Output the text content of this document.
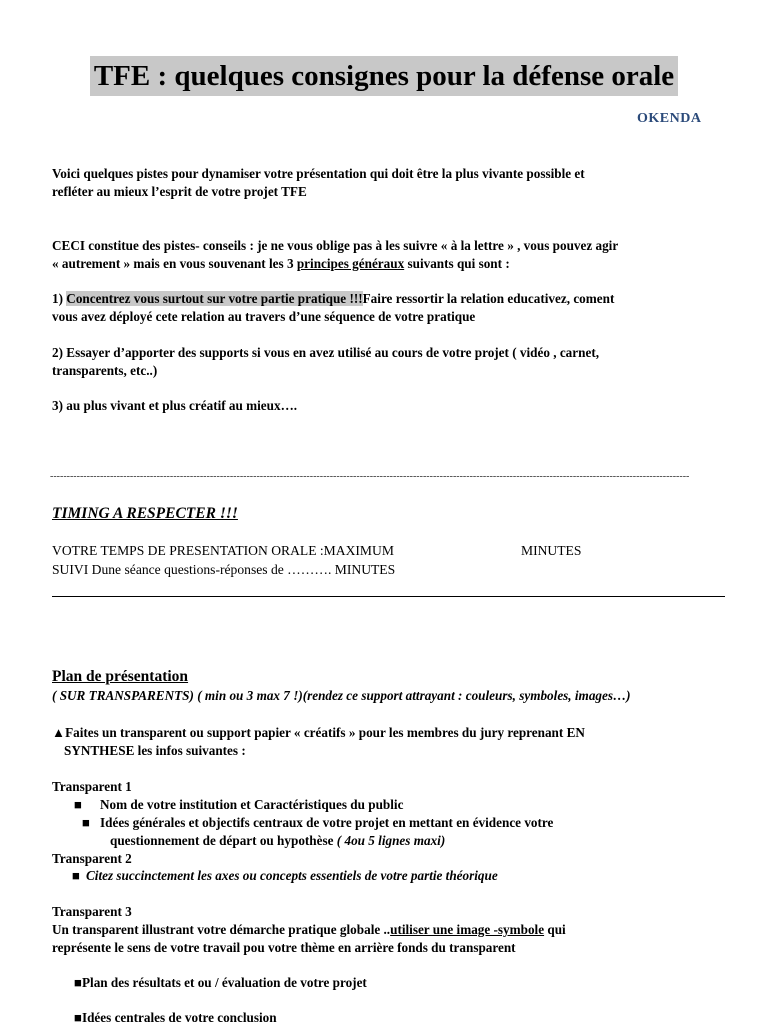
TFE : quelques consignes pour la défense orale
OKENDA
Voici quelques pistes pour dynamiser votre présentation qui doit être la plus vivante possible et
refléter au mieux l’esprit de votre projet TFE
CECI constitue des pistes- conseils : je ne vous oblige pas à les suivre « à la lettre » , vous pouvez agir
« autrement » mais en vous souvenant les 3 principes généraux suivants qui sont :
1) Concentrez vous surtout sur votre partie pratique !!!Faire ressortir la relation educativez, coment
vous avez déployé cete relation au travers d’une séquence de votre pratique
2) Essayer d’apporter des supports si vous en avez utilisé au cours de votre projet ( vidéo , carnet,
transparents, etc..)
3) au plus vivant et plus créatif au mieux….
------------------------------------------------------------------------------------------------------------------------------------------------------------------------------------------------
TIMING A RESPECTER !!!
VOTRE TEMPS DE PRESENTATION ORALE :MAXIMUM	MINUTES
SUIVI Dune séance questions-réponses de ………. MINUTES
Plan de présentation
( SUR TRANSPARENTS) ( min ou 3 max 7 !)(rendez ce support attrayant : couleurs, symboles, images…)
▲Faites un transparent ou support papier « créatifs » pour les membres du jury reprenant EN
SYNTHESE les infos suivantes :
Transparent 1
■ Nom de votre institution et Caractéristiques du public
■ Idées générales et objectifs centraux de votre projet en mettant en évidence votre
questionnement de départ ou hypothèse ( 4ou 5 lignes maxi)
Transparent 2
■ Citez succinctement les axes ou concepts essentiels de votre partie théorique
Transparent 3
Un transparent illustrant votre démarche pratique globale ..utiliser une image -symbole qui
représente le sens de votre travail pou votre thème en arrière fonds du transparent
■Plan des résultats et ou / évaluation de votre projet
■Idées centrales de votre conclusion
